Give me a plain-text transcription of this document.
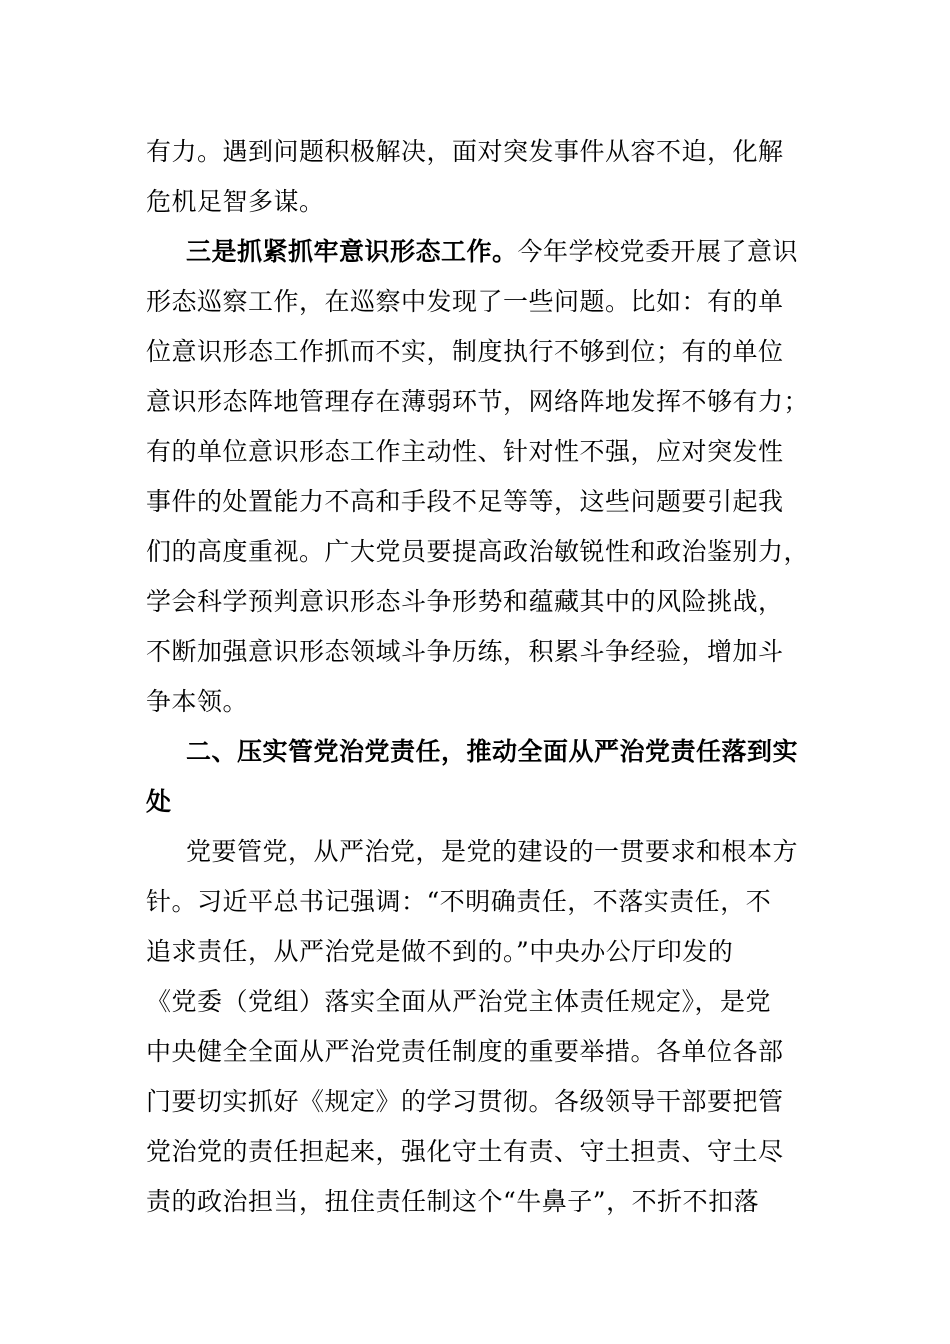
有力。遇到问题积极解决，面对突发事件从容不迫，化解
危机足智多谋。
三是抓紧抓牢意识形态工作。今年学校党委开展了意识
形态巡察工作，在巡察中发现了一些问题。比如：有的单
位意识形态工作抓而不实，制度执行不够到位；有的单位
意识形态阵地管理存在薄弱环节，网络阵地发挥不够有力；
有的单位意识形态工作主动性、针对性不强，应对突发性
事件的处置能力不高和手段不足等等，这些问题要引起我
们的高度重视。广大党员要提高政治敏锐性和政治鉴别力，
学会科学预判意识形态斗争形势和蕴藏其中的风险挑战，
不断加强意识形态领域斗争历练，积累斗争经验，增加斗
争本领。
二、压实管党治党责任，推动全面从严治党责任落到实
处
党要管党，从严治党，是党的建设的一贯要求和根本方
针。习近平总书记强调：“不明确责任，不落实责任，不
追求责任，从严治党是做不到的。”中央办公厅印发的
《党委（党组）落实全面从严治党主体责任规定》，是党
中央健全全面从严治党责任制度的重要举措。各单位各部
门要切实抓好《规定》的学习贯彻。各级领导干部要把管
党治党的责任担起来，强化守土有责、守土担责、守土尽
责的政治担当，扭住责任制这个“牛鼻子”，不折不扣落
